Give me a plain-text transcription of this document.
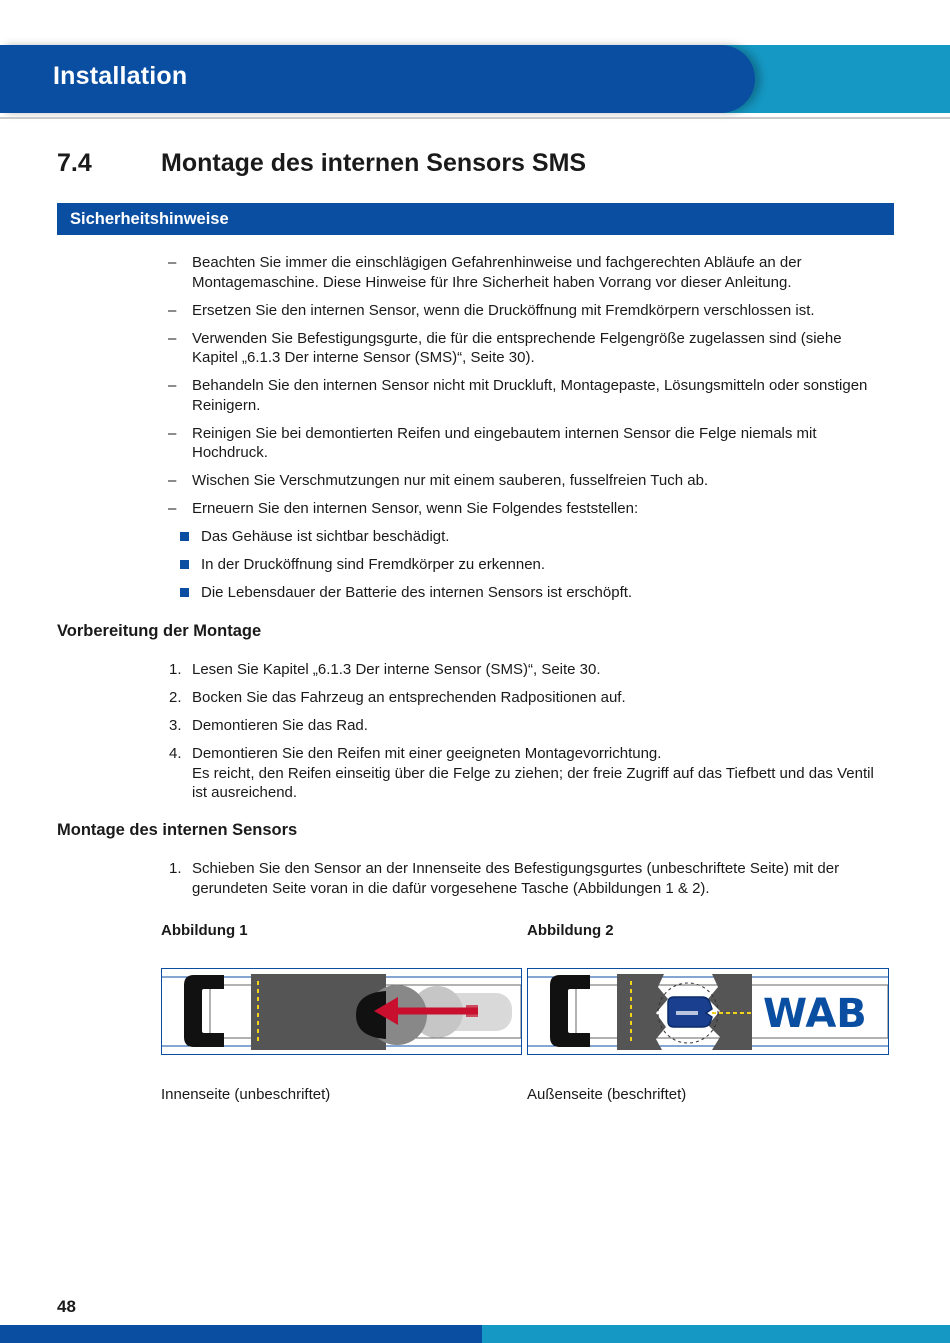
Installation
7.4	Montage des internen Sensors SMS
Sicherheitshinweise
– Beachten Sie immer die einschlägigen Gefahrenhinweise und fachgerechten Abläufe an der Montagemaschine. Diese Hinweise für Ihre Sicherheit haben Vorrang vor dieser Anleitung.
– Ersetzen Sie den internen Sensor, wenn die Drucköffnung mit Fremdkörpern verschlossen ist.
– Verwenden Sie Befestigungsgurte, die für die entsprechende Felgengröße zugelassen sind (siehe Kapitel „6.1.3 Der interne Sensor (SMS)“, Seite 30).
– Behandeln Sie den internen Sensor nicht mit Druckluft, Montagepaste, Lösungsmitteln oder sonstigen Reinigern.
– Reinigen Sie bei demontierten Reifen und eingebautem internen Sensor die Felge niemals mit Hochdruck.
– Wischen Sie Verschmutzungen nur mit einem sauberen, fusselfreien Tuch ab.
– Erneuern Sie den internen Sensor, wenn Sie Folgendes feststellen:
Das Gehäuse ist sichtbar beschädigt.
In der Drucköffnung sind Fremdkörper zu erkennen.
Die Lebensdauer der Batterie des internen Sensors ist erschöpft.
Vorbereitung der Montage
1. Lesen Sie Kapitel „6.1.3 Der interne Sensor (SMS)“, Seite 30.
2. Bocken Sie das Fahrzeug an entsprechenden Radpositionen auf.
3. Demontieren Sie das Rad.
4. Demontieren Sie den Reifen mit einer geeigneten Montagevorrichtung.
Es reicht, den Reifen einseitig über die Felge zu ziehen; der freie Zugriff auf das Tiefbett und das Ventil ist ausreichend.
Montage des internen Sensors
1. Schieben Sie den Sensor an der Innenseite des Befestigungsgurtes (unbeschriftete Seite) mit der gerundeten Seite voran in die dafür vorgesehene Tasche (Abbildungen 1 & 2).
Abbildung 1	Abbildung 2
WAB
Innenseite (unbeschriftet)	Außenseite (beschriftet)
48
